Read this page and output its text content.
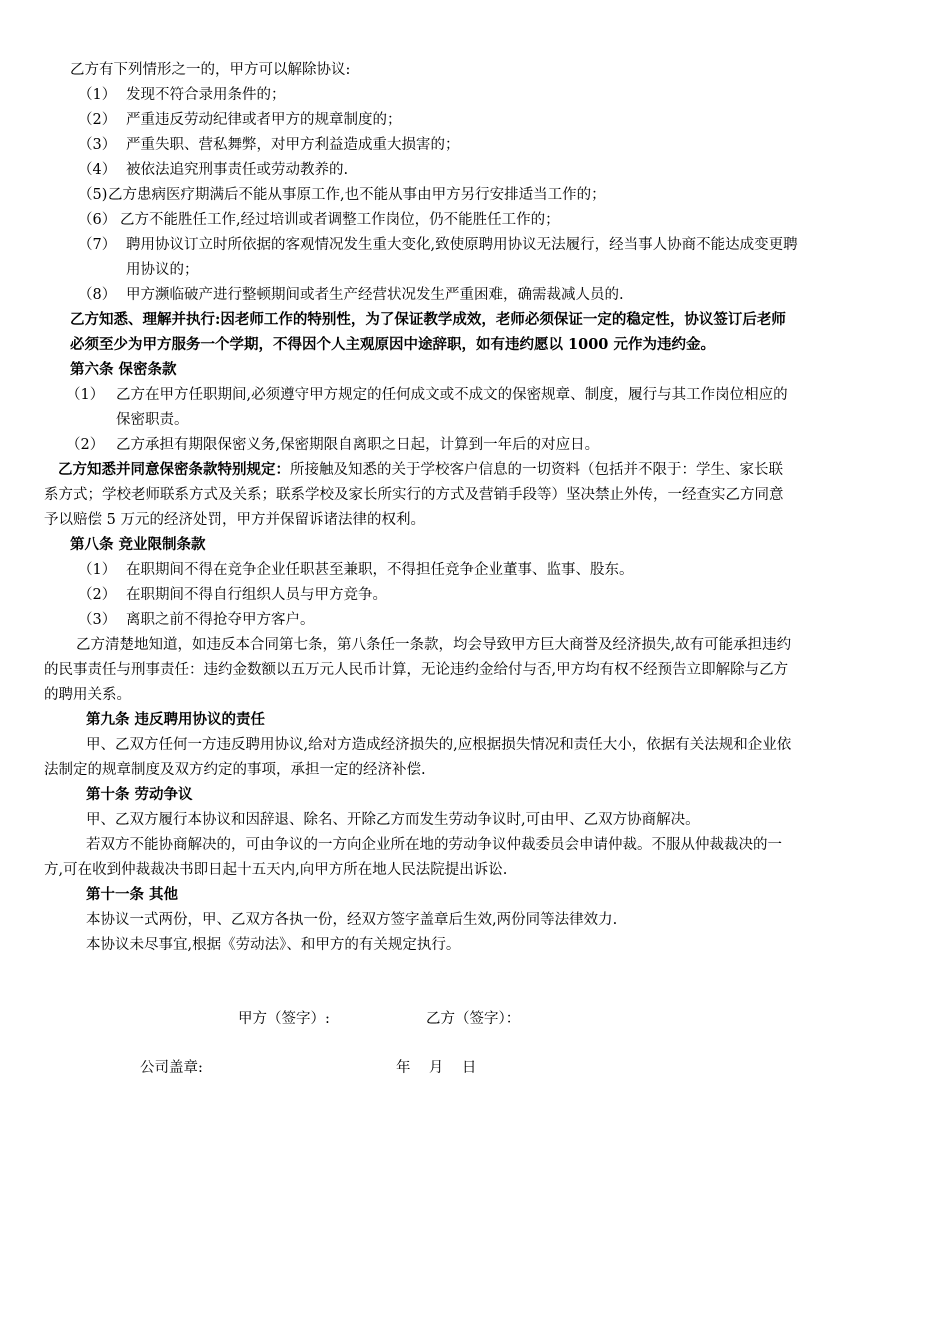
乙方有下列情形之一的，甲方可以解除协议:
（1） 发现不符合录用条件的；
（2） 严重违反劳动纪律或者甲方的规章制度的；
（3） 严重失职、营私舞弊，对甲方利益造成重大损害的；
（4） 被依法追究刑事责任或劳动教养的.
（5)乙方患病医疗期满后不能从事原工作,也不能从事由甲方另行安排适当工作的；
（6） 乙方不能胜任工作,经过培训或者调整工作岗位，仍不能胜任工作的；
（7） 聘用协议订立时所依据的客观情况发生重大变化,致使原聘用协议无法履行，经当事人协商不能达成变更聘
用协议的；
（8） 甲方濒临破产进行整顿期间或者生产经营状况发生严重困难，确需裁减人员的.
乙方知悉、理解并执行:因老师工作的特别性，为了保证教学成效，老师必须保证一定的稳定性，协议签订后老师
必须至少为甲方服务一个学期，不得因个人主观原因中途辞职，如有违约愿以 1000 元作为违约金。
第六条 保密条款
（1） 乙方在甲方任职期间,必须遵守甲方规定的任何成文或不成文的保密规章、制度，履行与其工作岗位相应的
保密职责。
（2） 乙方承担有期限保密义务,保密期限自离职之日起，计算到一年后的对应日。
乙方知悉并同意保密条款特别规定：所接触及知悉的关于学校客户信息的一切资料（包括并不限于：学生、家长联
系方式；学校老师联系方式及关系；联系学校及家长所实行的方式及营销手段等）坚决禁止外传，一经查实乙方同意
予以赔偿 5 万元的经济处罚，甲方并保留诉诸法律的权利。
第八条 竞业限制条款
（1） 在职期间不得在竞争企业任职甚至兼职，不得担任竞争企业董事、监事、股东。
（2） 在职期间不得自行组织人员与甲方竞争。
（3） 离职之前不得抢夺甲方客户。
乙方清楚地知道，如违反本合同第七条，第八条任一条款，均会导致甲方巨大商誉及经济损失,故有可能承担违约
的民事责任与刑事责任：违约金数额以五万元人民币计算，无论违约金给付与否,甲方均有权不经预告立即解除与乙方
的聘用关系。
第九条 违反聘用协议的责任
甲、乙双方任何一方违反聘用协议,给对方造成经济损失的,应根据损失情况和责任大小，依据有关法规和企业依
法制定的规章制度及双方约定的事项，承担一定的经济补偿.
第十条 劳动争议
甲、乙双方履行本协议和因辞退、除名、开除乙方而发生劳动争议时,可由甲、乙双方协商解决。
若双方不能协商解决的，可由争议的一方向企业所在地的劳动争议仲裁委员会申请仲裁。不服从仲裁裁决的一
方,可在收到仲裁裁决书即日起十五天内,向甲方所在地人民法院提出诉讼.
第十一条 其他
本协议一式两份，甲、乙双方各执一份，经双方签字盖章后生效,两份同等法律效力.
本协议未尽事宜,根据《劳动法》、和甲方的有关规定执行。
甲方（签字）:	乙方（签字）：
公司盖章:	年    月    日
